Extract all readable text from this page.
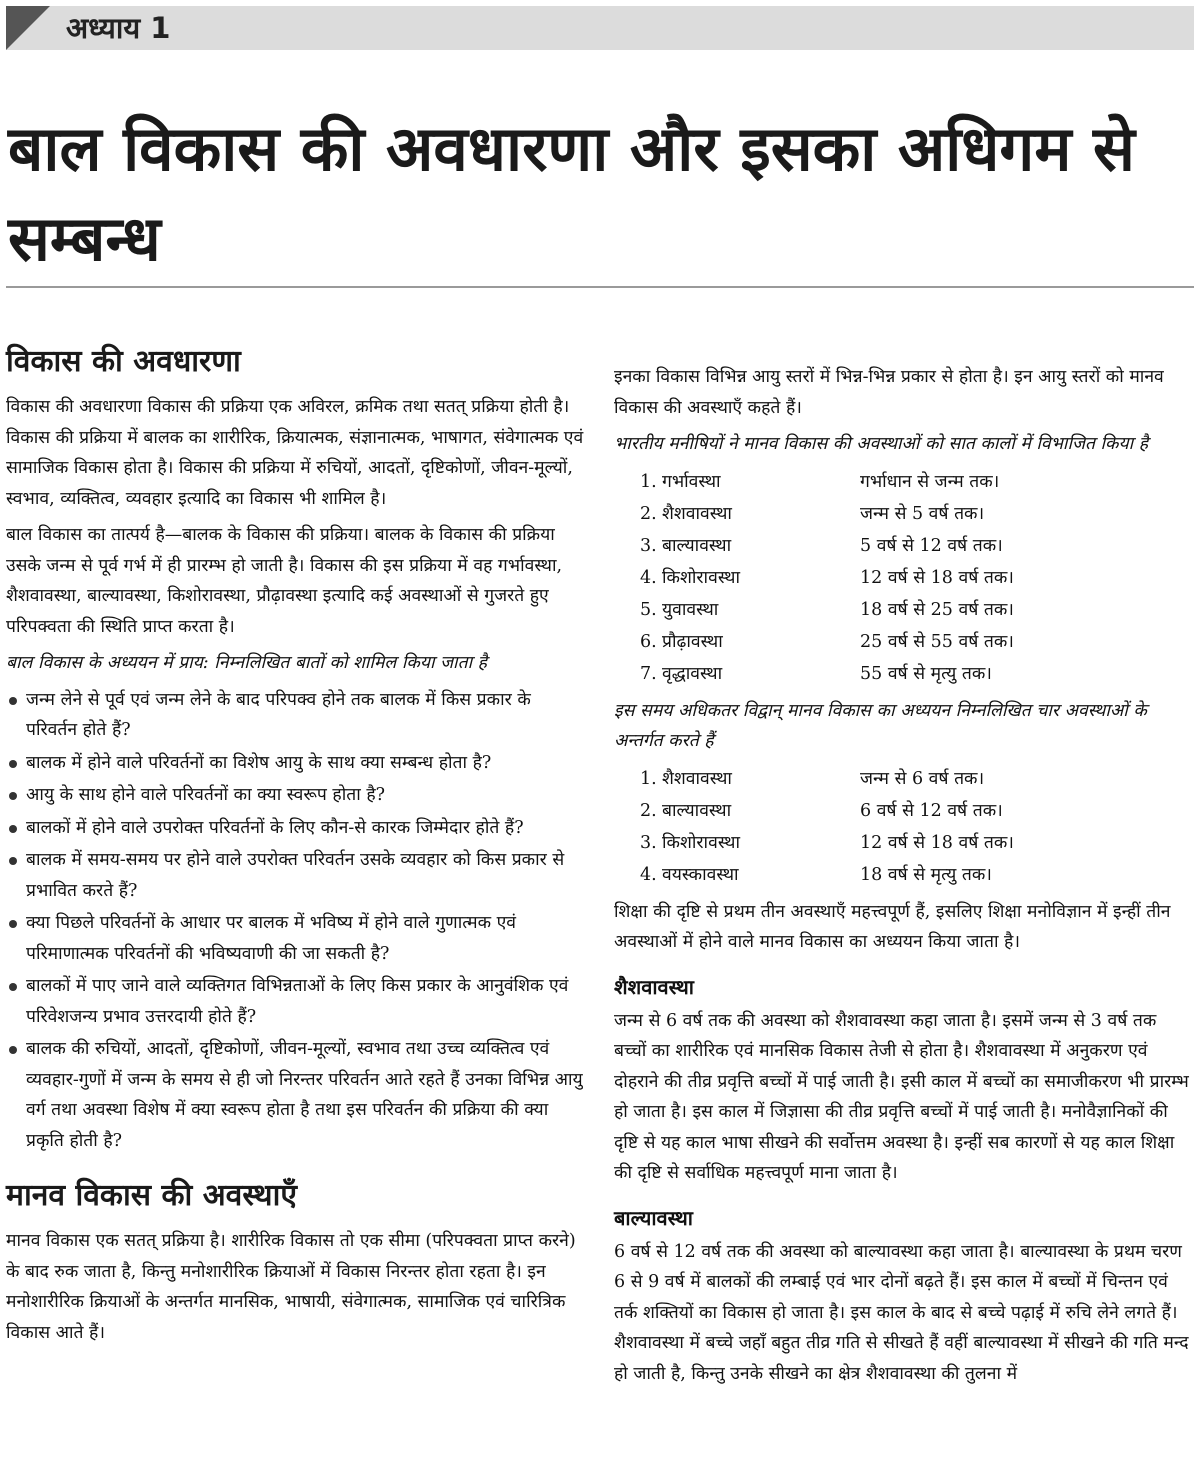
अध्याय 1
बाल विकास की अवधारणा और इसका अधिगम से सम्बन्ध
विकास की अवधारणा

विकास की अवधारणा विकास की प्रक्रिया एक अविरल, क्रमिक तथा सतत् प्रक्रिया होती है। विकास की प्रक्रिया में बालक का शारीरिक, क्रियात्मक, संज्ञानात्मक, भाषागत, संवेगात्मक एवं सामाजिक विकास होता है। विकास की प्रक्रिया में रुचियों, आदतों, दृष्टिकोणों, जीवन-मूल्यों, स्वभाव, व्यक्तित्व, व्यवहार इत्यादि का विकास भी शामिल है।

बाल विकास का तात्पर्य है—बालक के विकास की प्रक्रिया। बालक के विकास की प्रक्रिया उसके जन्म से पूर्व गर्भ में ही प्रारम्भ हो जाती है। विकास की इस प्रक्रिया में वह गर्भावस्था, शैशवावस्था, बाल्यावस्था, किशोरावस्था, प्रौढ़ावस्था इत्यादि कई अवस्थाओं से गुजरते हुए परिपक्वता की स्थिति प्राप्त करता है।

बाल विकास के अध्ययन में प्राय: निम्नलिखित बातों को शामिल किया जाता है

जन्म लेने से पूर्व एवं जन्म लेने के बाद परिपक्व होने तक बालक में किस प्रकार के परिवर्तन होते हैं?
बालक में होने वाले परिवर्तनों का विशेष आयु के साथ क्या सम्बन्ध होता है?
आयु के साथ होने वाले परिवर्तनों का क्या स्वरूप होता है?
बालकों में होने वाले उपरोक्त परिवर्तनों के लिए कौन-से कारक जिम्मेदार होते हैं?
बालक में समय-समय पर होने वाले उपरोक्त परिवर्तन उसके व्यवहार को किस प्रकार से प्रभावित करते हैं?
क्या पिछले परिवर्तनों के आधार पर बालक में भविष्य में होने वाले गुणात्मक एवं परिमाणात्मक परिवर्तनों की भविष्यवाणी की जा सकती है?
बालकों में पाए जाने वाले व्यक्तिगत विभिन्नताओं के लिए किस प्रकार के आनुवंशिक एवं परिवेशजन्य प्रभाव उत्तरदायी होते हैं?
बालक की रुचियों, आदतों, दृष्टिकोणों, जीवन-मूल्यों, स्वभाव तथा उच्च व्यक्तित्व एवं व्यवहार-गुणों में जन्म के समय से ही जो निरन्तर परिवर्तन आते रहते हैं उनका विभिन्न आयु वर्ग तथा अवस्था विशेष में क्या स्वरूप होता है तथा इस परिवर्तन की प्रक्रिया की क्या प्रकृति होती है?
मानव विकास की अवस्थाएँ

मानव विकास एक सतत् प्रक्रिया है। शारीरिक विकास तो एक सीमा (परिपक्वता प्राप्त करने) के बाद रुक जाता है, किन्तु मनोशारीरिक क्रियाओं में विकास निरन्तर होता रहता है। इन मनोशारीरिक क्रियाओं के अन्तर्गत मानसिक, भाषायी, संवेगात्मक, सामाजिक एवं चारित्रिक विकास आते हैं।

इनका विकास विभिन्न आयु स्तरों में भिन्न-भिन्न प्रकार से होता है। इन आयु स्तरों को मानव विकास की अवस्थाएँ कहते हैं।

भारतीय मनीषियों ने मानव विकास की अवस्थाओं को सात कालों में विभाजित किया है

1.	गर्भावस्था	गर्भाधान से जन्म तक।
2.	शैशवावस्था	जन्म से 5 वर्ष तक।
3.	बाल्यावस्था	5 वर्ष से 12 वर्ष तक।
4.	किशोरावस्था	12 वर्ष से 18 वर्ष तक।
5.	युवावस्था	18 वर्ष से 25 वर्ष तक।
6.	प्रौढ़ावस्था	25 वर्ष से 55 वर्ष तक।
7.	वृद्धावस्था	55 वर्ष से मृत्यु तक।

इस समय अधिकतर विद्वान् मानव विकास का अध्ययन निम्नलिखित चार अवस्थाओं के अन्तर्गत करते हैं

1.	शैशवावस्था	जन्म से 6 वर्ष तक।
2.	बाल्यावस्था	6 वर्ष से 12 वर्ष तक।
3.	किशोरावस्था	12 वर्ष से 18 वर्ष तक।
4.	वयस्कावस्था	18 वर्ष से मृत्यु तक।

शिक्षा की दृष्टि से प्रथम तीन अवस्थाएँ महत्त्वपूर्ण हैं, इसलिए शिक्षा मनोविज्ञान में इन्हीं तीन अवस्थाओं में होने वाले मानव विकास का अध्ययन किया जाता है।

शैशवावस्था

जन्म से 6 वर्ष तक की अवस्था को शैशवावस्था कहा जाता है। इसमें जन्म से 3 वर्ष तक बच्चों का शारीरिक एवं मानसिक विकास तेजी से होता है। शैशवावस्था में अनुकरण एवं दोहराने की तीव्र प्रवृत्ति बच्चों में पाई जाती है। इसी काल में बच्चों का समाजीकरण भी प्रारम्भ हो जाता है। इस काल में जिज्ञासा की तीव्र प्रवृत्ति बच्चों में पाई जाती है। मनोवैज्ञानिकों की दृष्टि से यह काल भाषा सीखने की सर्वोत्तम अवस्था है। इन्हीं सब कारणों से यह काल शिक्षा की दृष्टि से सर्वाधिक महत्त्वपूर्ण माना जाता है।

बाल्यावस्था

6 वर्ष से 12 वर्ष तक की अवस्था को बाल्यावस्था कहा जाता है। बाल्यावस्था के प्रथम चरण 6 से 9 वर्ष में बालकों की लम्बाई एवं भार दोनों बढ़ते हैं। इस काल में बच्चों में चिन्तन एवं तर्क शक्तियों का विकास हो जाता है। इस काल के बाद से बच्चे पढ़ाई में रुचि लेने लगते हैं। शैशवावस्था में बच्चे जहाँ बहुत तीव्र गति से सीखते हैं वहीं बाल्यावस्था में सीखने की गति मन्द हो जाती है, किन्तु उनके सीखने का क्षेत्र शैशवावस्था की तुलना में
